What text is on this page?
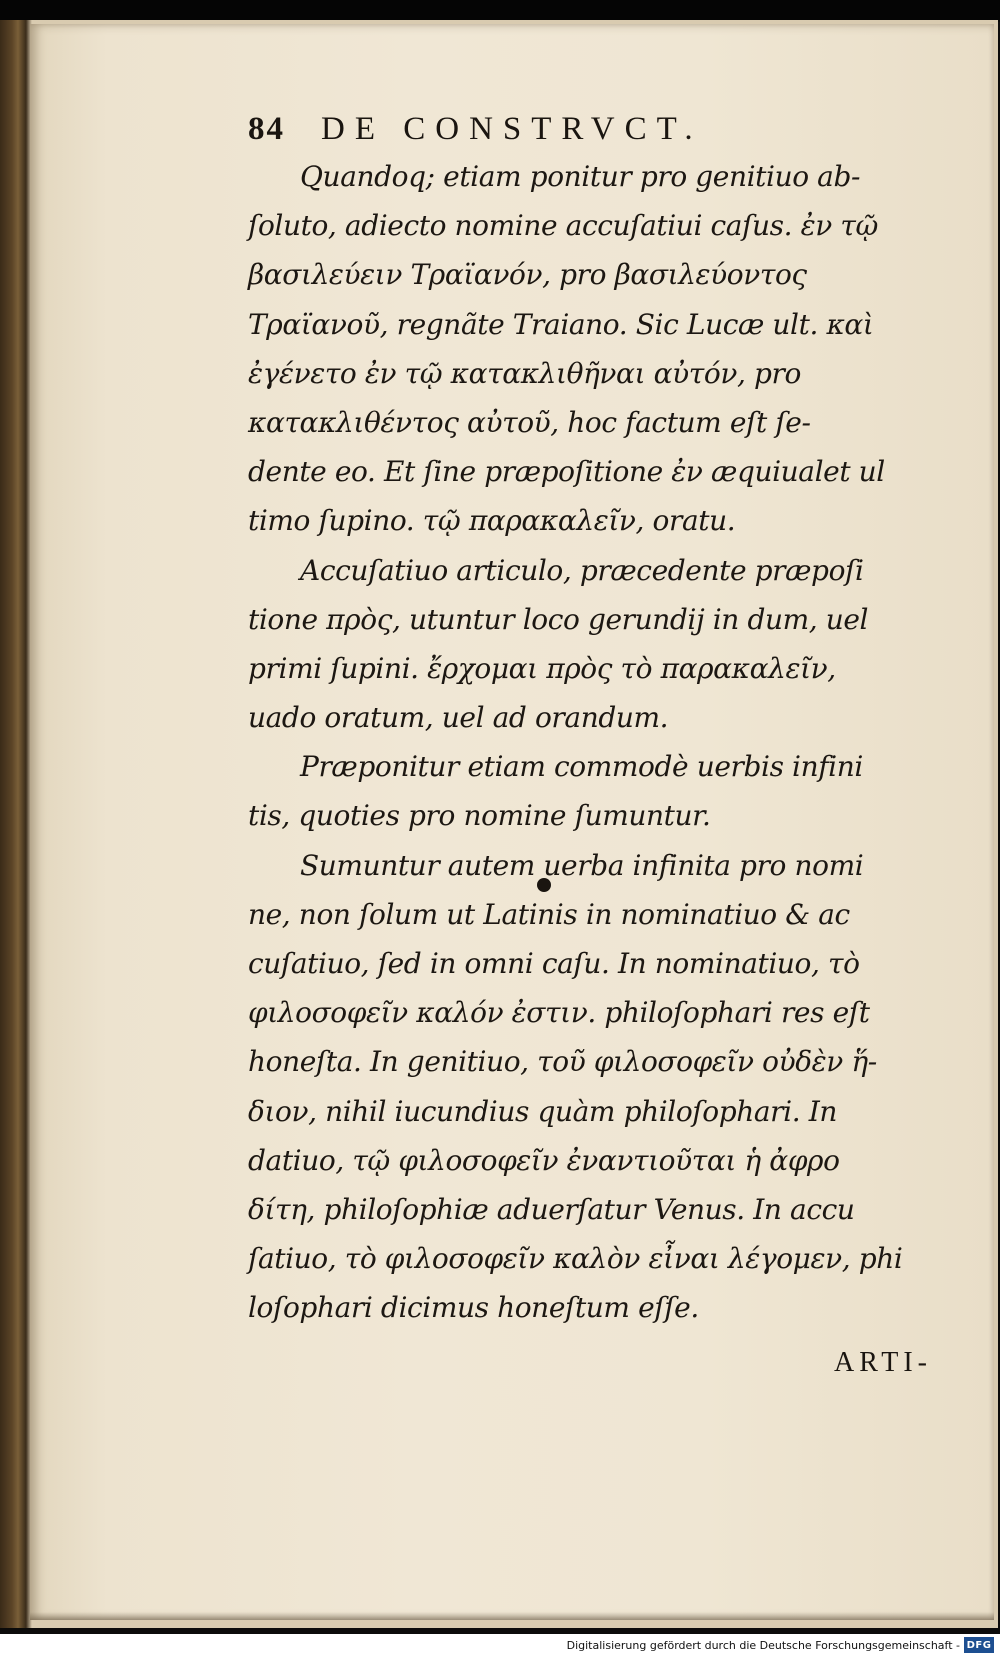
84 DE CONSTRVCT.
Quandoq; etiam ponitur pro genitiuo ab-
ſoluto, adiecto nomine accuſatiui caſus. ἐν τῷ
βασιλεύειν Τραϊανόν, pro βασιλεύοντος
Τραϊανοῦ, regnãte Traiano. Sic Lucæ ult. καὶ
ἐγένετο ἐν τῷ κατακλιθῆναι αὐτόν, pro
κατακλιθέντος αὐτοῦ, hoc factum eſt ſe-
dente eo. Et ſine præpoſitione ἐν æquiualet ul
timo ſupino. τῷ παρακαλεῖν, oratu.
Accuſatiuo articulo, præcedente præpoſi
tione πρὸς, utuntur loco gerundij in dum, uel
primi ſupini. ἔρχομαι πρὸς τὸ παρακαλεῖν,
uado oratum, uel ad orandum.
Præponitur etiam commodè uerbis infini
tis, quoties pro nomine ſumuntur.
Sumuntur autem uerba infinita pro nomi
ne, non ſolum ut Latinis in nominatiuo & ac
cuſatiuo, ſed in omni caſu. In nominatiuo, τὸ
φιλοσοφεῖν καλόν ἐστιν. philoſophari res eſt
honeſta. In genitiuo, τοῦ φιλοσοφεῖν οὐδὲν ἥ-
διον, nihil iucundius quàm philoſophari. In
datiuo, τῷ φιλοσοφεῖν ἐναντιοῦται ἡ ἀφρο
δίτη, philoſophiæ aduerſatur Venus. In accu
ſatiuo, τὸ φιλοσοφεῖν καλὸν εἶναι λέγομεν, phi
loſophari dicimus honeſtum eſſe.
ARTI-
Digitalisierung gefördert durch die Deutsche Forschungsgemeinschaft - DFG
